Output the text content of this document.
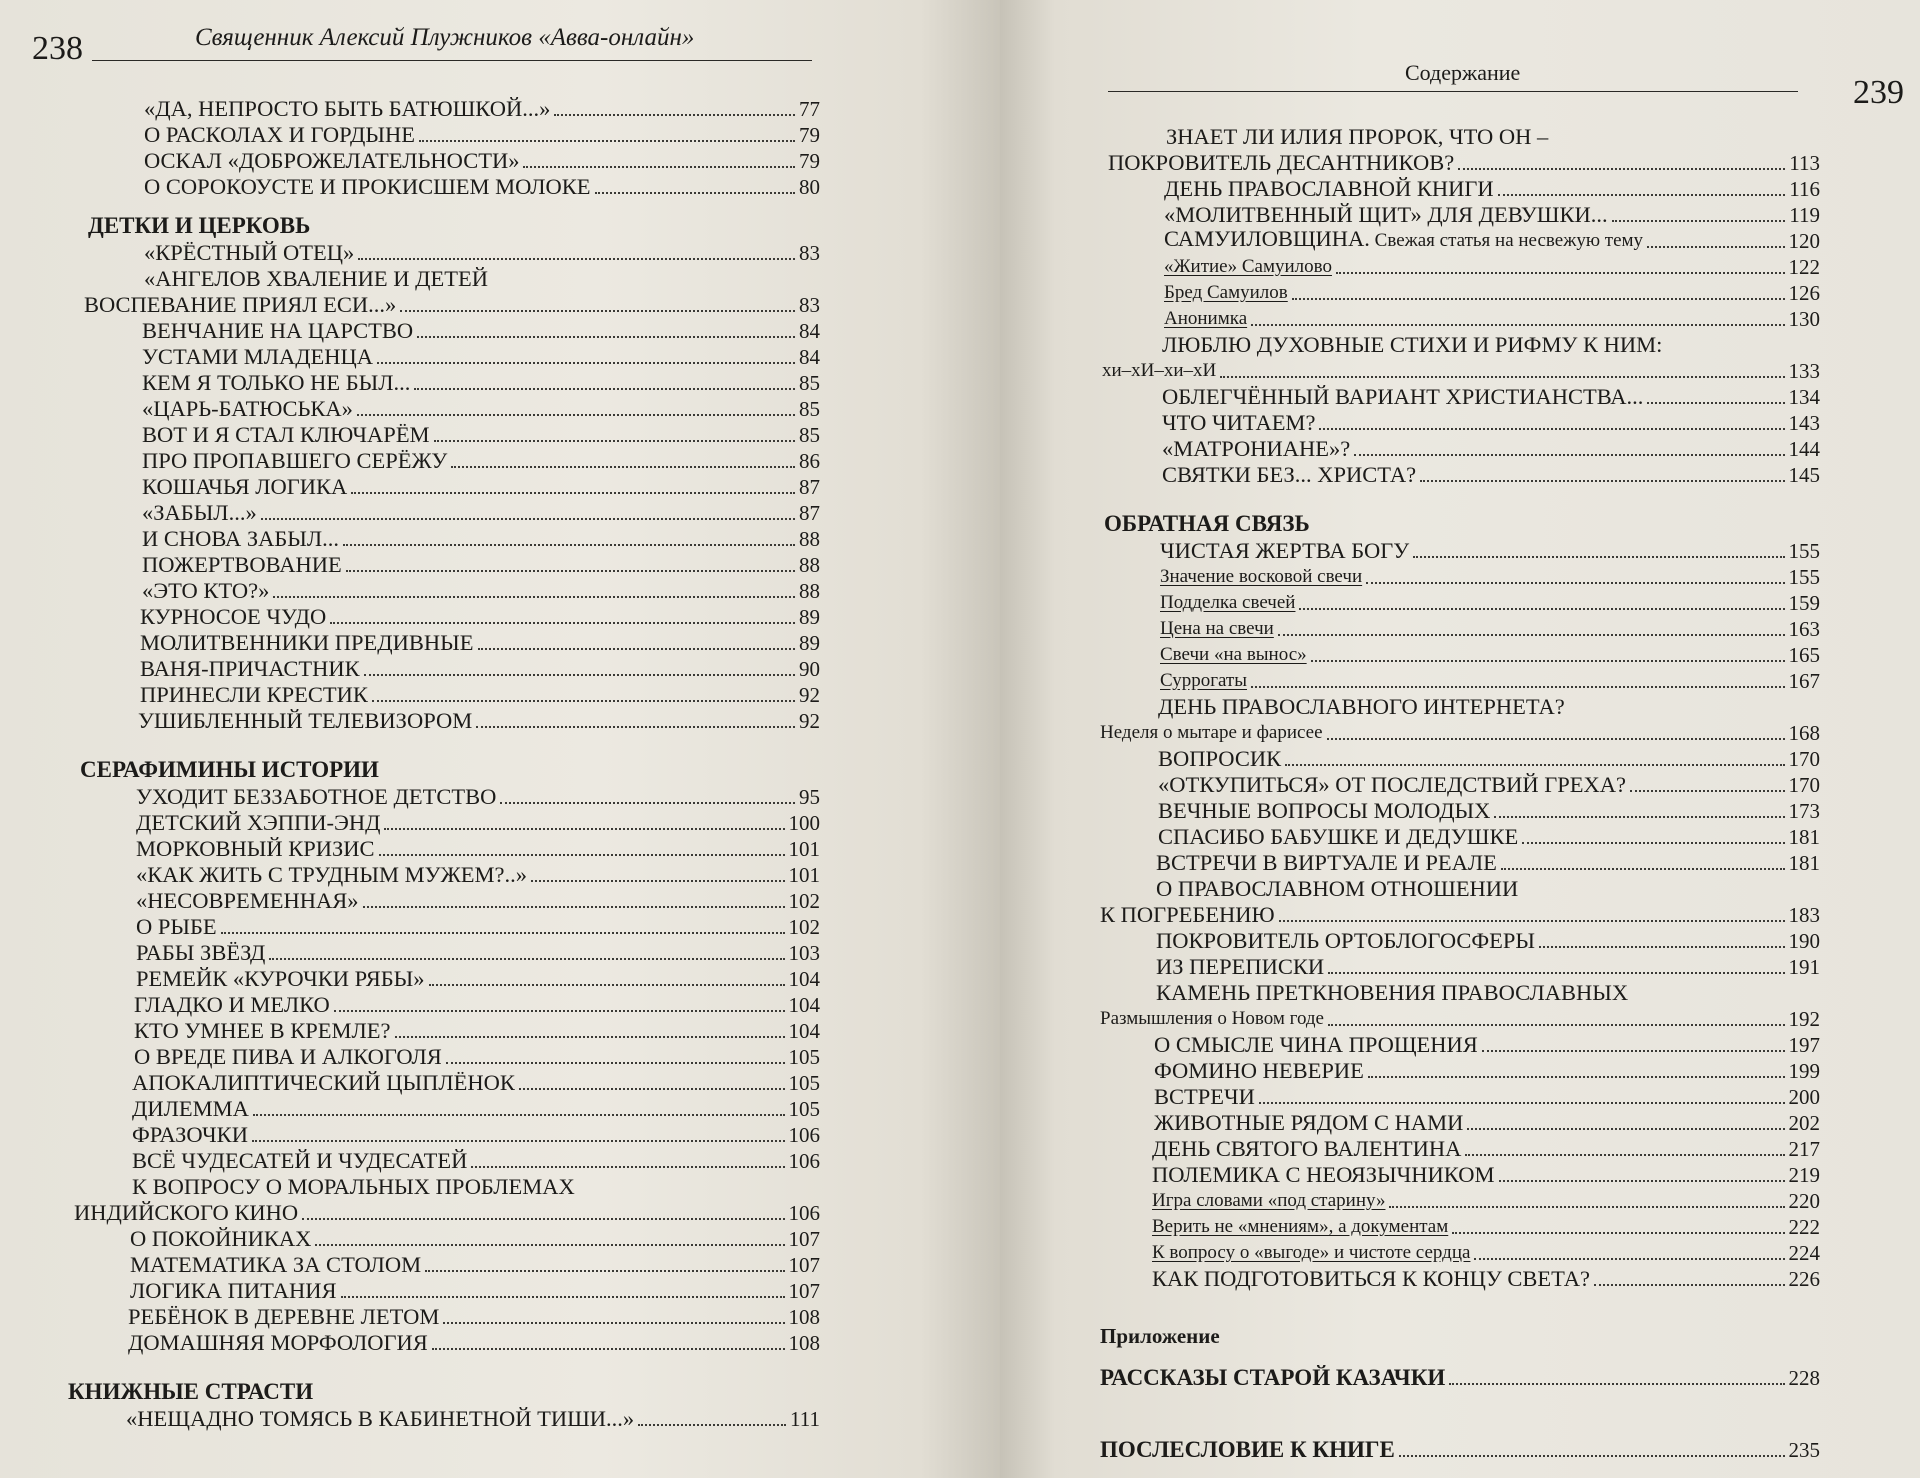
238	Священник Алексий Плужников «Авва-онлайн»
«ДА, НЕПРОСТО БЫТЬ БАТЮШКОЙ...»	77
О РАСКОЛАХ И ГОРДЫНЕ	79
ОСКАЛ «ДОБРОЖЕЛАТЕЛЬНОСТИ»	79
О СОРОКОУСТЕ И ПРОКИСШЕМ МОЛОКЕ	80
ДЕТКИ И ЦЕРКОВЬ
«КРЁСТНЫЙ ОТЕЦ»	83
«АНГЕЛОВ ХВАЛЕНИЕ И ДЕТЕЙ
ВОСПЕВАНИЕ ПРИЯЛ ЕСИ...»	83
ВЕНЧАНИЕ НА ЦАРСТВО	84
УСТАМИ МЛАДЕНЦА	84
КЕМ Я ТОЛЬКО НЕ БЫЛ...	85
«ЦАРЬ-БАТЮСЬКА»	85
ВОТ И Я СТАЛ КЛЮЧАРЁМ	85
ПРО ПРОПАВШЕГО СЕРЁЖУ	86
КОШАЧЬЯ ЛОГИКА	87
«ЗАБЫЛ...»	87
И СНОВА ЗАБЫЛ...	88
ПОЖЕРТВОВАНИЕ	88
«ЭТО КТО?»	88
КУРНОСОЕ ЧУДО	89
МОЛИТВЕННИКИ ПРЕДИВНЫЕ	89
ВАНЯ-ПРИЧАСТНИК	90
ПРИНЕСЛИ КРЕСТИК	92
УШИБЛЕННЫЙ ТЕЛЕВИЗОРОМ	92
СЕРАФИМИНЫ ИСТОРИИ
УХОДИТ БЕЗЗАБОТНОЕ ДЕТСТВО	95
ДЕТСКИЙ ХЭППИ-ЭНД	100
МОРКОВНЫЙ КРИЗИС	101
«КАК ЖИТЬ С ТРУДНЫМ МУЖЕМ?..»	101
«НЕСОВРЕМЕННАЯ»	102
О РЫБЕ	102
РАБЫ ЗВЁЗД	103
РЕМЕЙК «КУРОЧКИ РЯБЫ»	104
ГЛАДКО И МЕЛКО	104
КТО УМНЕЕ В КРЕМЛЕ?	104
О ВРЕДЕ ПИВА И АЛКОГОЛЯ	105
АПОКАЛИПТИЧЕСКИЙ ЦЫПЛЁНОК	105
ДИЛЕММА	105
ФРАЗОЧКИ	106
ВСЁ ЧУДЕСАТЕЙ И ЧУДЕСАТЕЙ	106
К ВОПРОСУ О МОРАЛЬНЫХ ПРОБЛЕМАХ
ИНДИЙСКОГО КИНО	106
О ПОКОЙНИКАХ	107
МАТЕМАТИКА ЗА СТОЛОМ	107
ЛОГИКА ПИТАНИЯ	107
РЕБЁНОК В ДЕРЕВНЕ ЛЕТОМ	108
ДОМАШНЯЯ МОРФОЛОГИЯ	108
КНИЖНЫЕ СТРАСТИ
«НЕЩАДНО ТОМЯСЬ В КАБИНЕТНОЙ ТИШИ...»	111
Содержание
239
ЗНАЕТ ЛИ ИЛИЯ ПРОРОК, ЧТО ОН –
ПОКРОВИТЕЛЬ ДЕСАНТНИКОВ?	113
ДЕНЬ ПРАВОСЛАВНОЙ КНИГИ	116
«МОЛИТВЕННЫЙ ЩИТ» ДЛЯ ДЕВУШКИ...	119
САМУИЛОВЩИНА. Свежая статья на несвежую тему	120
«Житие» Самуилово	122
Бред Самуилов	126
Анонимка	130
ЛЮБЛЮ ДУХОВНЫЕ СТИХИ И РИФМУ К НИМ:
хи–хИ–хи–хИ	133
ОБЛЕГЧЁННЫЙ ВАРИАНТ ХРИСТИАНСТВА...	134
ЧТО ЧИТАЕМ?	143
«МАТРОНИАНЕ»?	144
СВЯТКИ БЕЗ... ХРИСТА?	145
ОБРАТНАЯ СВЯЗЬ
ЧИСТАЯ ЖЕРТВА БОГУ	155
Значение восковой свечи	155
Подделка свечей	159
Цена на свечи	163
Свечи «на вынос»	165
Суррогаты	167
ДЕНЬ ПРАВОСЛАВНОГО ИНТЕРНЕТА?
Неделя о мытаре и фарисее	168
ВОПРОСИК	170
«ОТКУПИТЬСЯ» ОТ ПОСЛЕДСТВИЙ ГРЕХА?	170
ВЕЧНЫЕ ВОПРОСЫ МОЛОДЫХ	173
СПАСИБО БАБУШКЕ И ДЕДУШКЕ	181
ВСТРЕЧИ В ВИРТУАЛЕ И РЕАЛЕ	181
О ПРАВОСЛАВНОМ ОТНОШЕНИИ
К ПОГРЕБЕНИЮ	183
ПОКРОВИТЕЛЬ ОРТОБЛОГОСФЕРЫ	190
ИЗ ПЕРЕПИСКИ	191
КАМЕНЬ ПРЕТКНОВЕНИЯ ПРАВОСЛАВНЫХ
Размышления о Новом годе	192
О СМЫСЛЕ ЧИНА ПРОЩЕНИЯ	197
ФОМИНО НЕВЕРИЕ	199
ВСТРЕЧИ	200
ЖИВОТНЫЕ РЯДОМ С НАМИ	202
ДЕНЬ СВЯТОГО ВАЛЕНТИНА	217
ПОЛЕМИКА С НЕОЯЗЫЧНИКОМ	219
Игра словами «под старину»	220
Верить не «мнениям», а документам	222
К вопросу о «выгоде» и чистоте сердца	224
КАК ПОДГОТОВИТЬСЯ К КОНЦУ СВЕТА?	226
Приложение
РАССКАЗЫ СТАРОЙ КАЗАЧКИ	228
ПОСЛЕСЛОВИЕ К КНИГЕ	235
